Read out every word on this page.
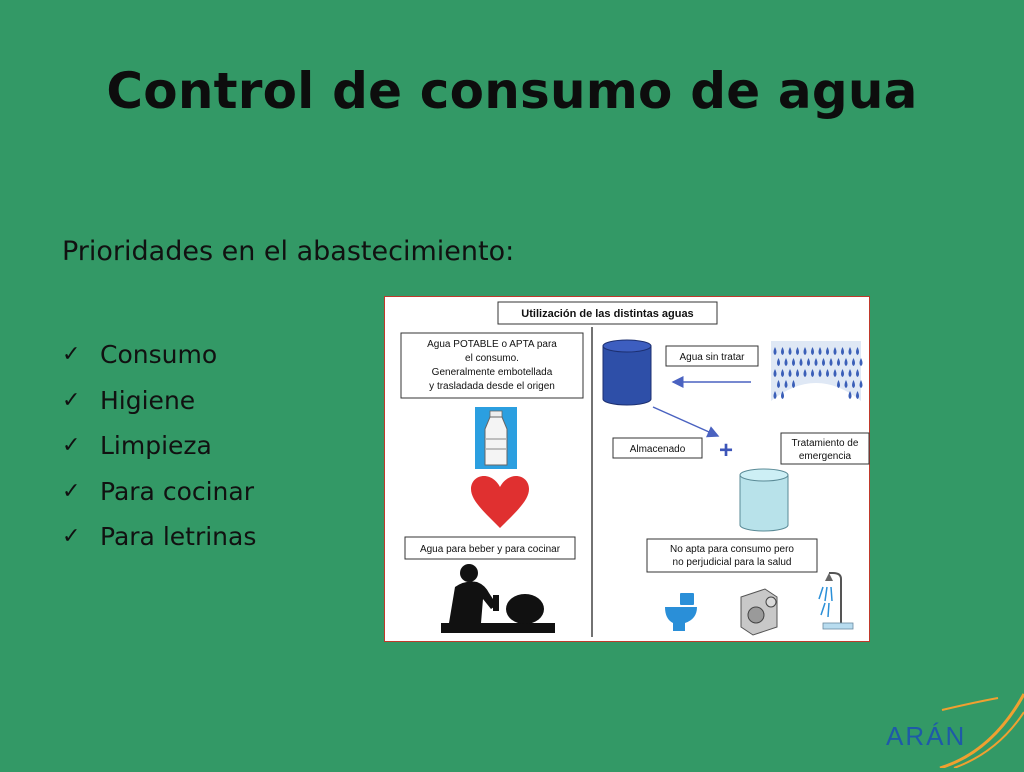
Control de consumo de agua
Prioridades en el abastecimiento:
✓ Consumo
✓ Higiene
✓ Limpieza
✓ Para cocinar
✓ Para letrinas
Utilización de las distintas aguas
Agua POTABLE o APTA para
el consumo.
Generalmente embotellada
y trasladada desde el origen
Agua para beber y para cocinar
Agua sin tratar
Almacenado +	Tratamiento de
emergencia
No apta para consumo pero
no perjudicial para la salud
ARÁN
